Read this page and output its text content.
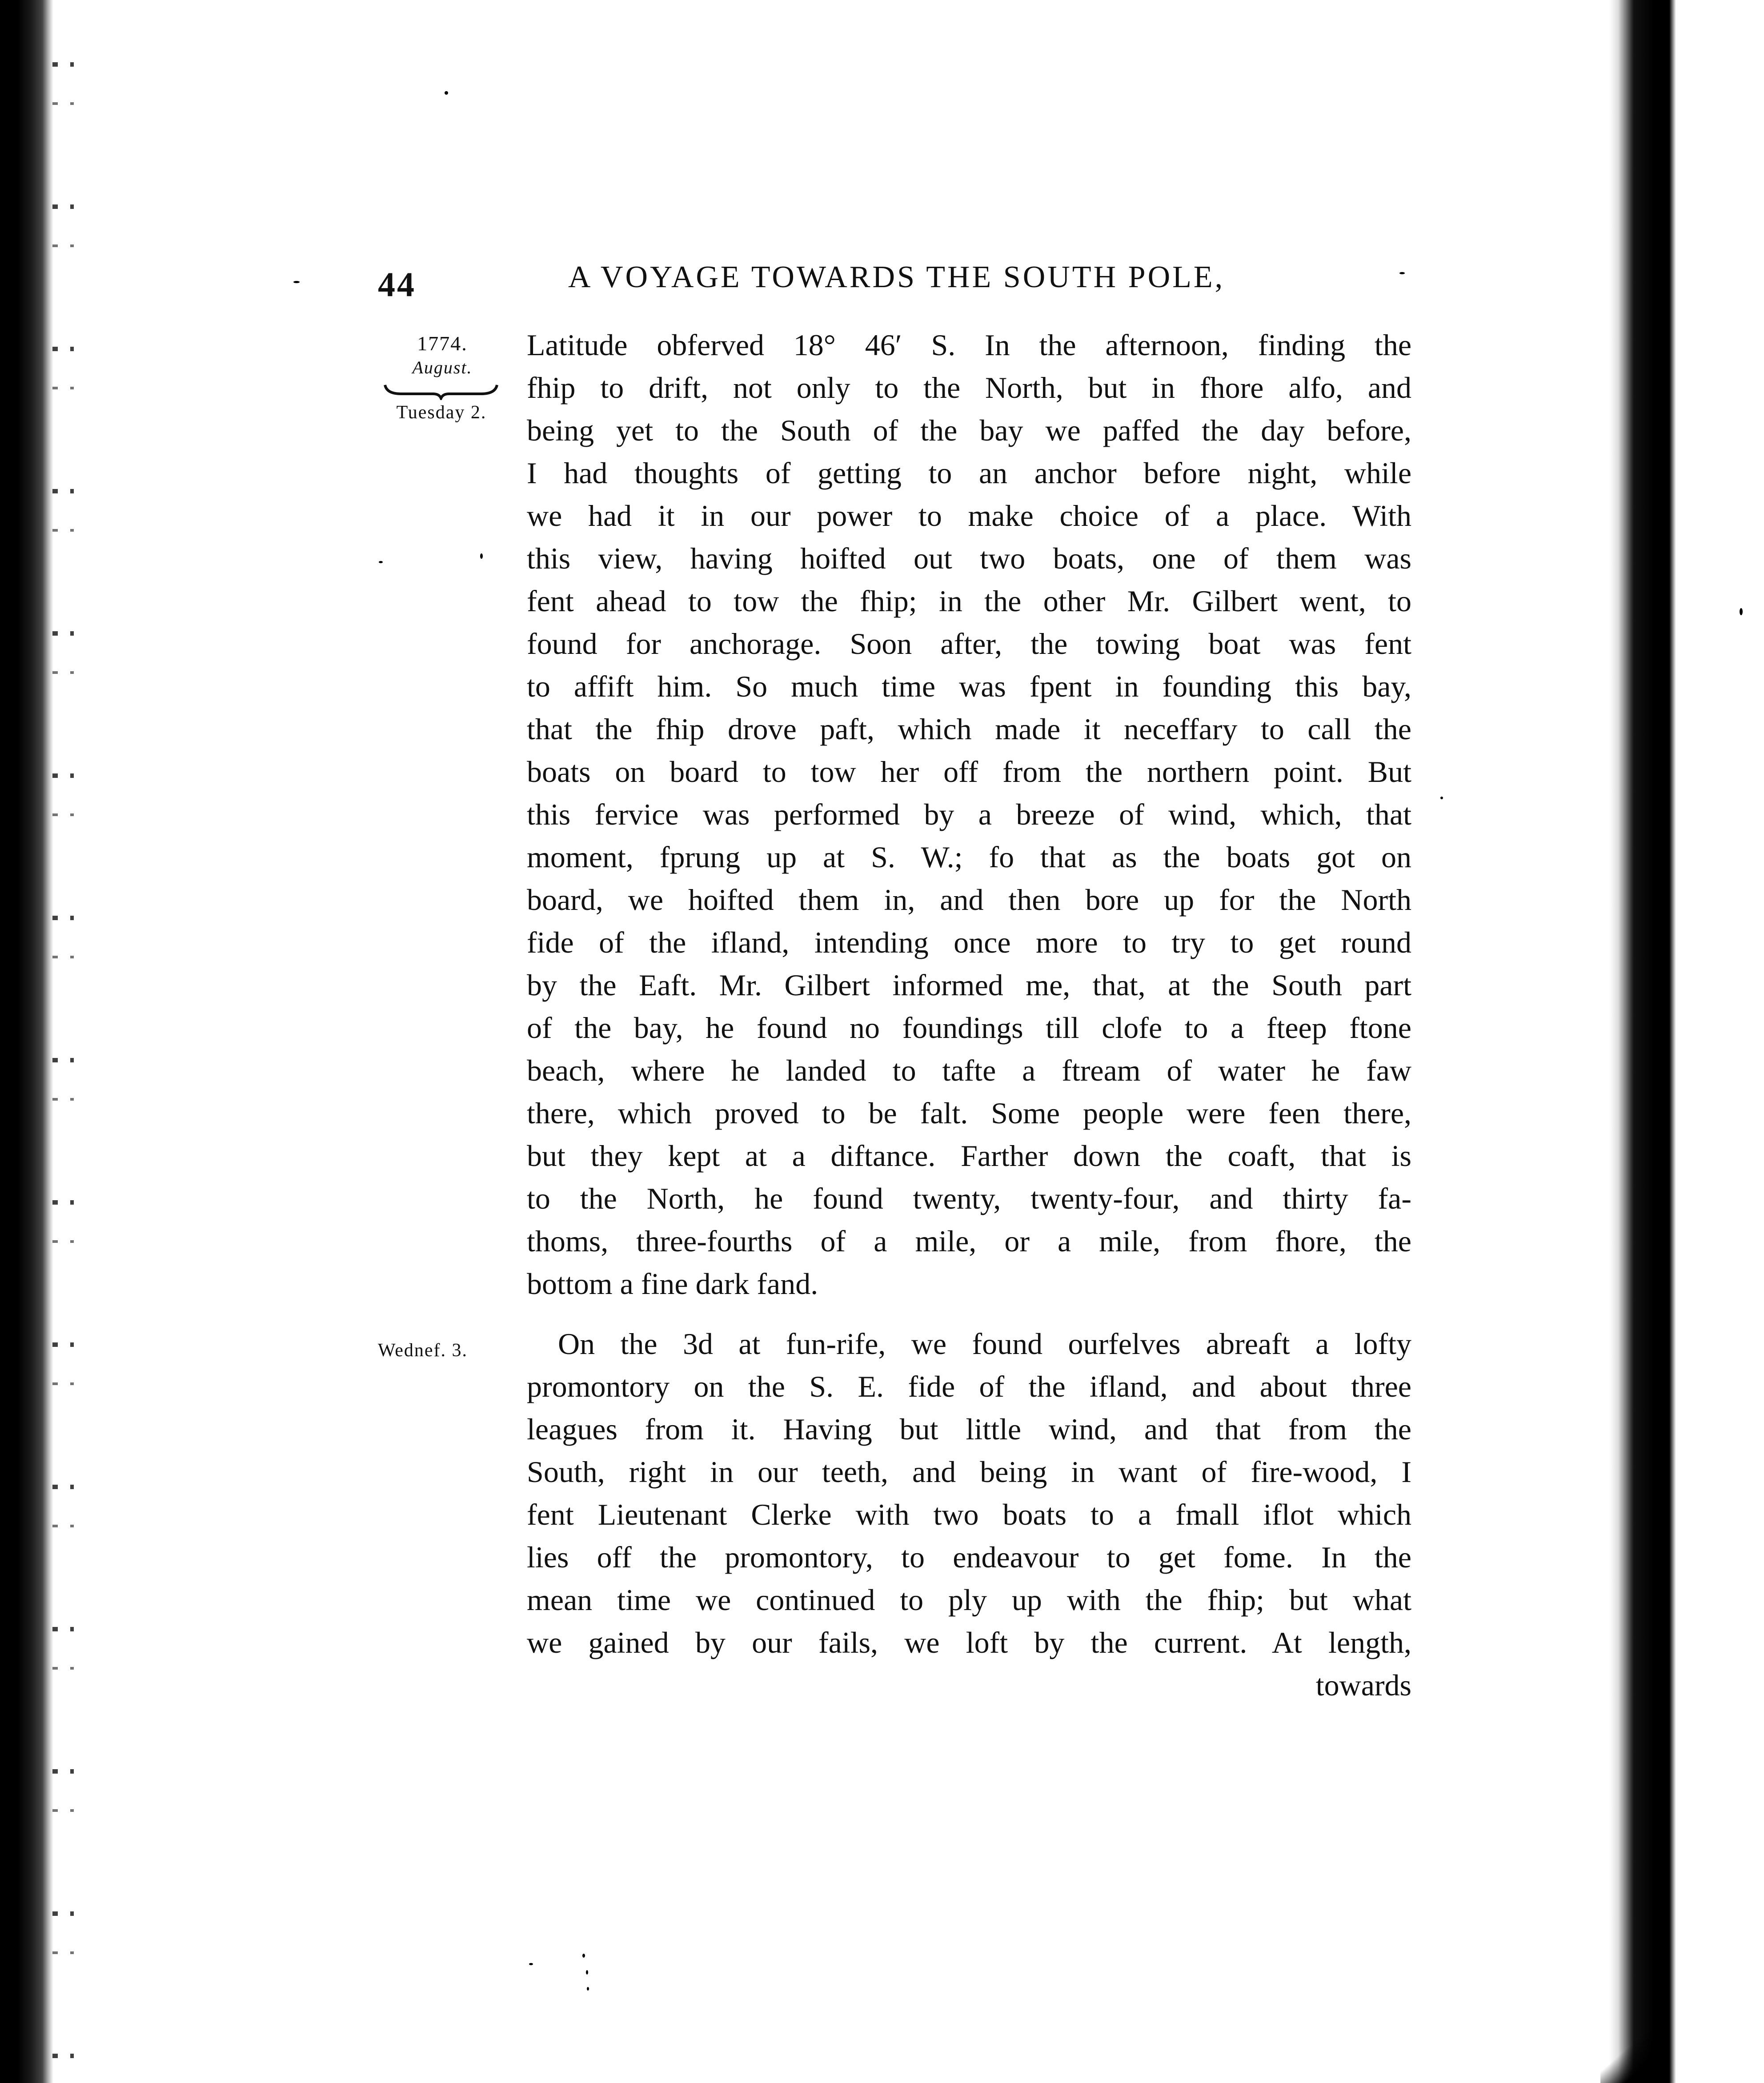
44	A VOYAGE TOWARDS THE SOUTH POLE,
1774.
August.
Tuesday 2.
Wednef. 3.
Latitude obferved 18° 46′ S. In the afternoon, finding the
fhip to drift, not only to the North, but in fhore alfo, and
being yet to the South of the bay we paffed the day before,
I had thoughts of getting to an anchor before night, while
we had it in our power to make choice of a place. With
this view, having hoifted out two boats, one of them was
fent ahead to tow the fhip; in the other Mr. Gilbert went, to
found for anchorage. Soon after, the towing boat was fent
to affift him. So much time was fpent in founding this bay,
that the fhip drove paft, which made it neceffary to call the
boats on board to tow her off from the northern point. But
this fervice was performed by a breeze of wind, which, that
moment, fprung up at S. W.; fo that as the boats got on
board, we hoifted them in, and then bore up for the North
fide of the ifland, intending once more to try to get round
by the Eaft. Mr. Gilbert informed me, that, at the South part
of the bay, he found no foundings till clofe to a fteep ftone
beach, where he landed to tafte a ftream of water he faw
there, which proved to be falt. Some people were feen there,
but they kept at a diftance. Farther down the coaft, that is
to the North, he found twenty, twenty-four, and thirty fa-
thoms, three-fourths of a mile, or a mile, from fhore, the
bottom a fine dark fand.
On the 3d at fun-rife, we found ourfelves abreaft a lofty
promontory on the S. E. fide of the ifland, and about three
leagues from it. Having but little wind, and that from the
South, right in our teeth, and being in want of fire-wood, I
fent Lieutenant Clerke with two boats to a fmall iflot which
lies off the promontory, to endeavour to get fome. In the
mean time we continued to ply up with the fhip; but what
we gained by our fails, we loft by the current. At length,
towards
